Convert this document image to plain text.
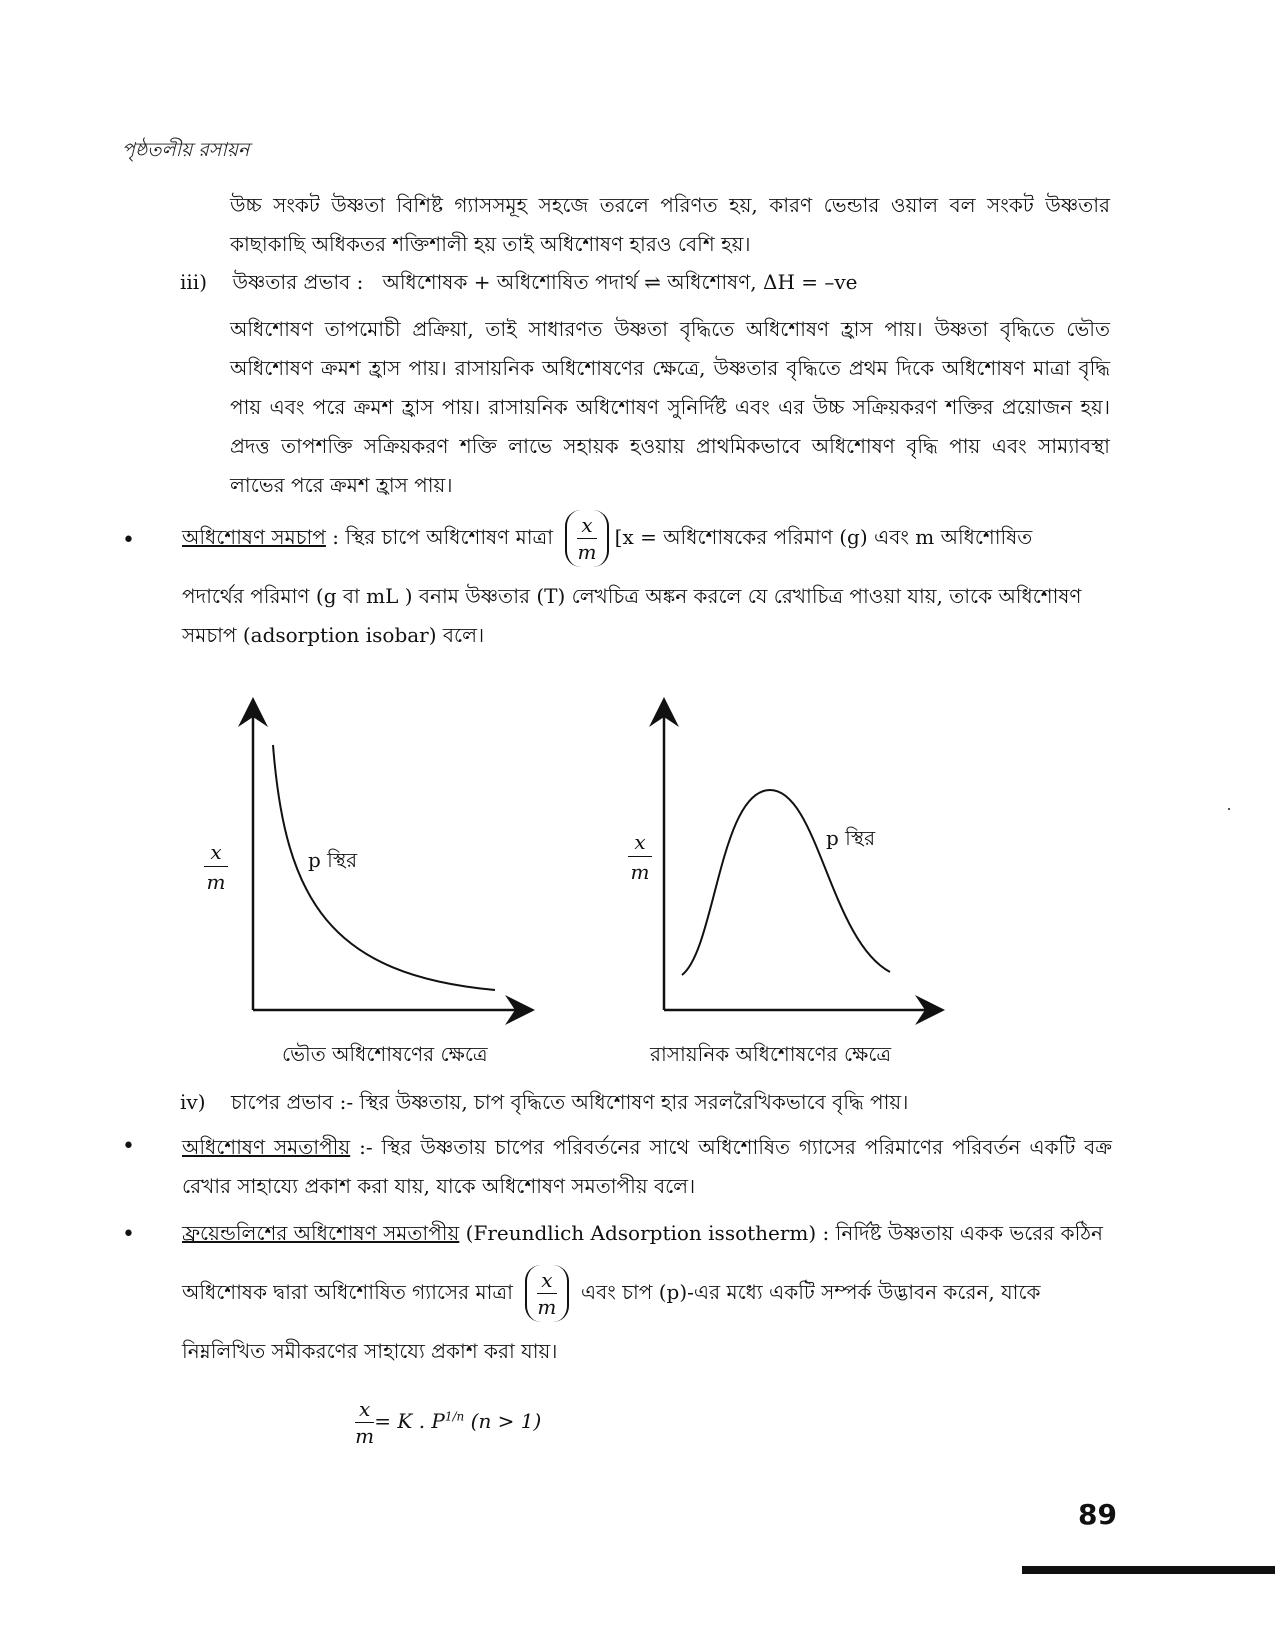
পৃষ্ঠতলীয় রসায়ন
উচ্চ সংকট উষ্ণতা বিশিষ্ট গ্যাসসমূহ সহজে তরলে পরিণত হয়, কারণ ভেন্ডার ওয়াল বল সংকট উষ্ণতার কাছাকাছি অধিকতর শক্তিশালী হয় তাই অধিশোষণ হারও বেশি হয়।
iii) উষ্ণতার প্রভাব : অধিশোষক + অধিশোষিত পদার্থ ⇌ অধিশোষণ, ΔH = –ve
অধিশোষণ তাপমোচী প্রক্রিয়া, তাই সাধারণত উষ্ণতা বৃদ্ধিতে অধিশোষণ হ্রাস পায়। উষ্ণতা বৃদ্ধিতে ভৌত অধিশোষণ ক্রমশ হ্রাস পায়। রাসায়নিক অধিশোষণের ক্ষেত্রে, উষ্ণতার বৃদ্ধিতে প্রথম দিকে অধিশোষণ মাত্রা বৃদ্ধি পায় এবং পরে ক্রমশ হ্রাস পায়। রাসায়নিক অধিশোষণ সুনির্দিষ্ট এবং এর উচ্চ সক্রিয়করণ শক্তির প্রয়োজন হয়। প্রদত্ত তাপশক্তি সক্রিয়করণ শক্তি লাভে সহায়ক হওয়ায় প্রাথমিকভাবে অধিশোষণ বৃদ্ধি পায় এবং সাম্যাবস্থা লাভের পরে ক্রমশ হ্রাস পায়।
• অধিশোষণ সমচাপ : স্থির চাপে অধিশোষণ মাত্রা $\frac{x}{m} [x$ = অধিশোষকের পরিমাণ (g) এবং m অধিশোষিত
পদার্থের পরিমাণ (g বা mL ) বনাম উষ্ণতার (T) লেখচিত্র অঙ্কন করলে যে রেখাচিত্র পাওয়া যায়, তাকে অধিশোষণ
সমচাপ (adsorption isobar) বলে।
$\frac{x}{m}$	p স্থির
ভৌত অধিশোষণের ক্ষেত্রে
$\frac{x}{m}$	p স্থির
রাসায়নিক অধিশোষণের ক্ষেত্রে
iv) চাপের প্রভাব :- স্থির উষ্ণতায়, চাপ বৃদ্ধিতে অধিশোষণ হার সরলরৈখিকভাবে বৃদ্ধি পায়।
• অধিশোষণ সমতাপীয় :- স্থির উষ্ণতায় চাপের পরিবর্তনের সাথে অধিশোষিত গ্যাসের পরিমাণের পরিবর্তন একটি বক্র রেখার সাহায্যে প্রকাশ করা যায়, যাকে অধিশোষণ সমতাপীয় বলে।
• ফ্রয়েন্ডলিশের অধিশোষণ সমতাপীয় (Freundlich Adsorption issotherm) : নির্দিষ্ট উষ্ণতায় একক ভরের কঠিন
অধিশোষক দ্বারা অধিশোষিত গ্যাসের মাত্রা $\frac{x}{m}$ এবং চাপ (p)-এর মধ্যে একটি সম্পর্ক উদ্ভাবন করেন, যাকে
নিম্নলিখিত সমীকরণের সাহায্যে প্রকাশ করা যায়।
$\frac{x}{m} = K$ . $P^{1/n}$ (n > 1)
89
